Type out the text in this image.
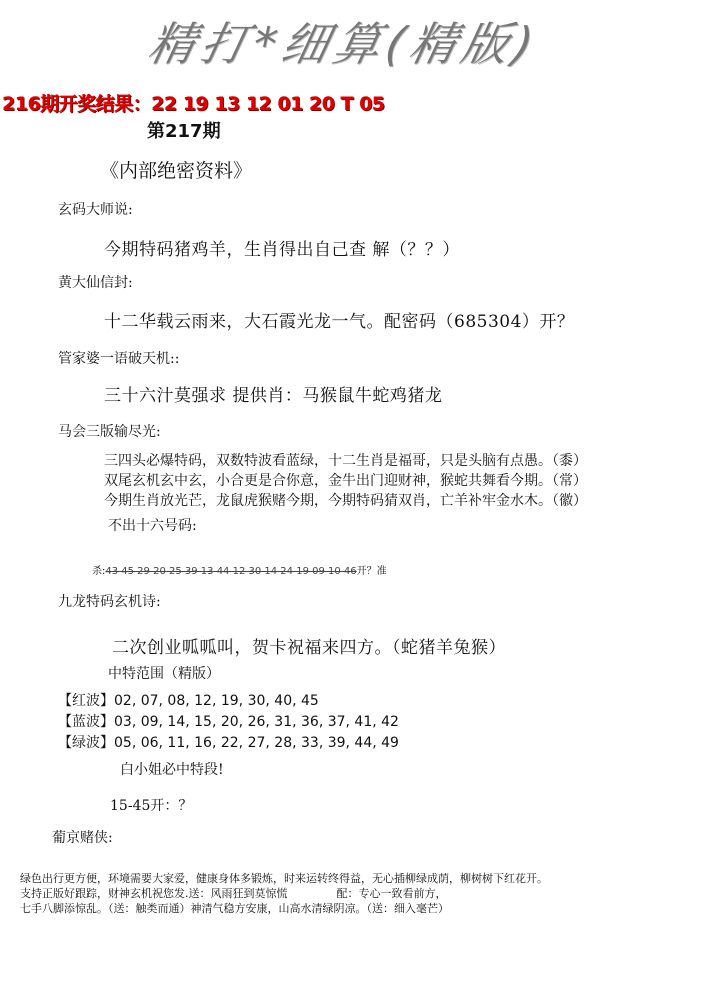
精打*细算(精版)
216期开奖结果：22 19 13 12 01 20 T 05
第217期
《内部绝密资料》
玄码大师说:
今期特码猪鸡羊，生肖得出自己查 解（？？）
黄大仙信封:
十二华载云雨来，大石霞光龙一气。配密码（685304）开？
管家婆一语破天机::
三十六汁莫强求 提供肖：马猴鼠牛蛇鸡猪龙
马会三版输尽光:
三四头必爆特码，双数特波看蓝绿，十二生肖是福哥，只是头脑有点愚。（黍）
双尾玄机玄中玄，小合更是合你意，金牛出门迎财神，猴蛇共舞看今期。（常）
今期生肖放光芒，龙鼠虎猴赌今期，今期特码猜双肖，亡羊补牢金水木。（徽）
不出十六号码:
杀:43 45 29 20 25 39 13 44 12 30 14 24 19 09 10 46开？准
九龙特码玄机诗:
二次创业呱呱叫，贺卡祝福来四方。（蛇猪羊兔猴）
中特范围（精版）
【红波】02, 07, 08, 12, 19, 30, 40, 45
【蓝波】03, 09, 14, 15, 20, 26, 31, 36, 37, 41, 42
【绿波】05, 06, 11, 16, 22, 27, 28, 33, 39, 44, 49
白小姐必中特段!
15-45开：？
葡京赌侠:
绿色出行更方便，环境需要大家爱，健康身体多锻炼，时来运转终得益，无心插柳绿成荫，柳树树下红花开。
支持正版好跟踪，财神玄机祝您发.送：风雨狂到莫惊慌              配：专心一致看前方，
七手八脚添惊乱。（送：触类而通）神清气稳方安康，山高水清绿阴凉。（送：细入毫芒）
